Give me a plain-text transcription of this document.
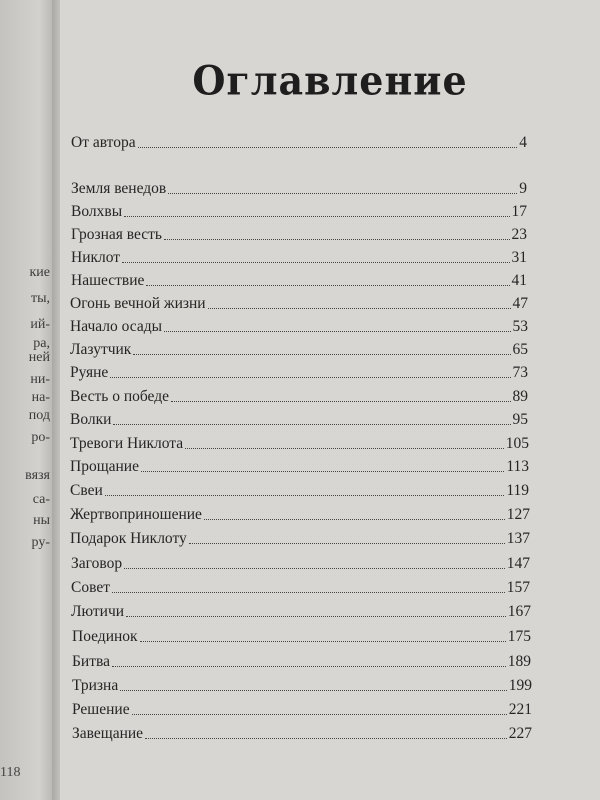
кие
ты,
ий-
ра,
ней
ни-
на-
под
ро-
вязя
са-
ны
ру-
118
Оглавление
От автора	4
Земля венедов	9
Волхвы	17
Грозная весть	23
Никлот	31
Нашествие	41
Огонь вечной жизни	47
Начало осады	53
Лазутчик	65
Руяне	73
Весть о победе	89
Волки	95
Тревоги Никлота	105
Прощание	113
Свеи	119
Жертвоприношение	127
Подарок Никлоту	137
Заговор	147
Совет	157
Лютичи	167
Поединок	175
Битва	189
Тризна	199
Решение	221
Завещание	227
